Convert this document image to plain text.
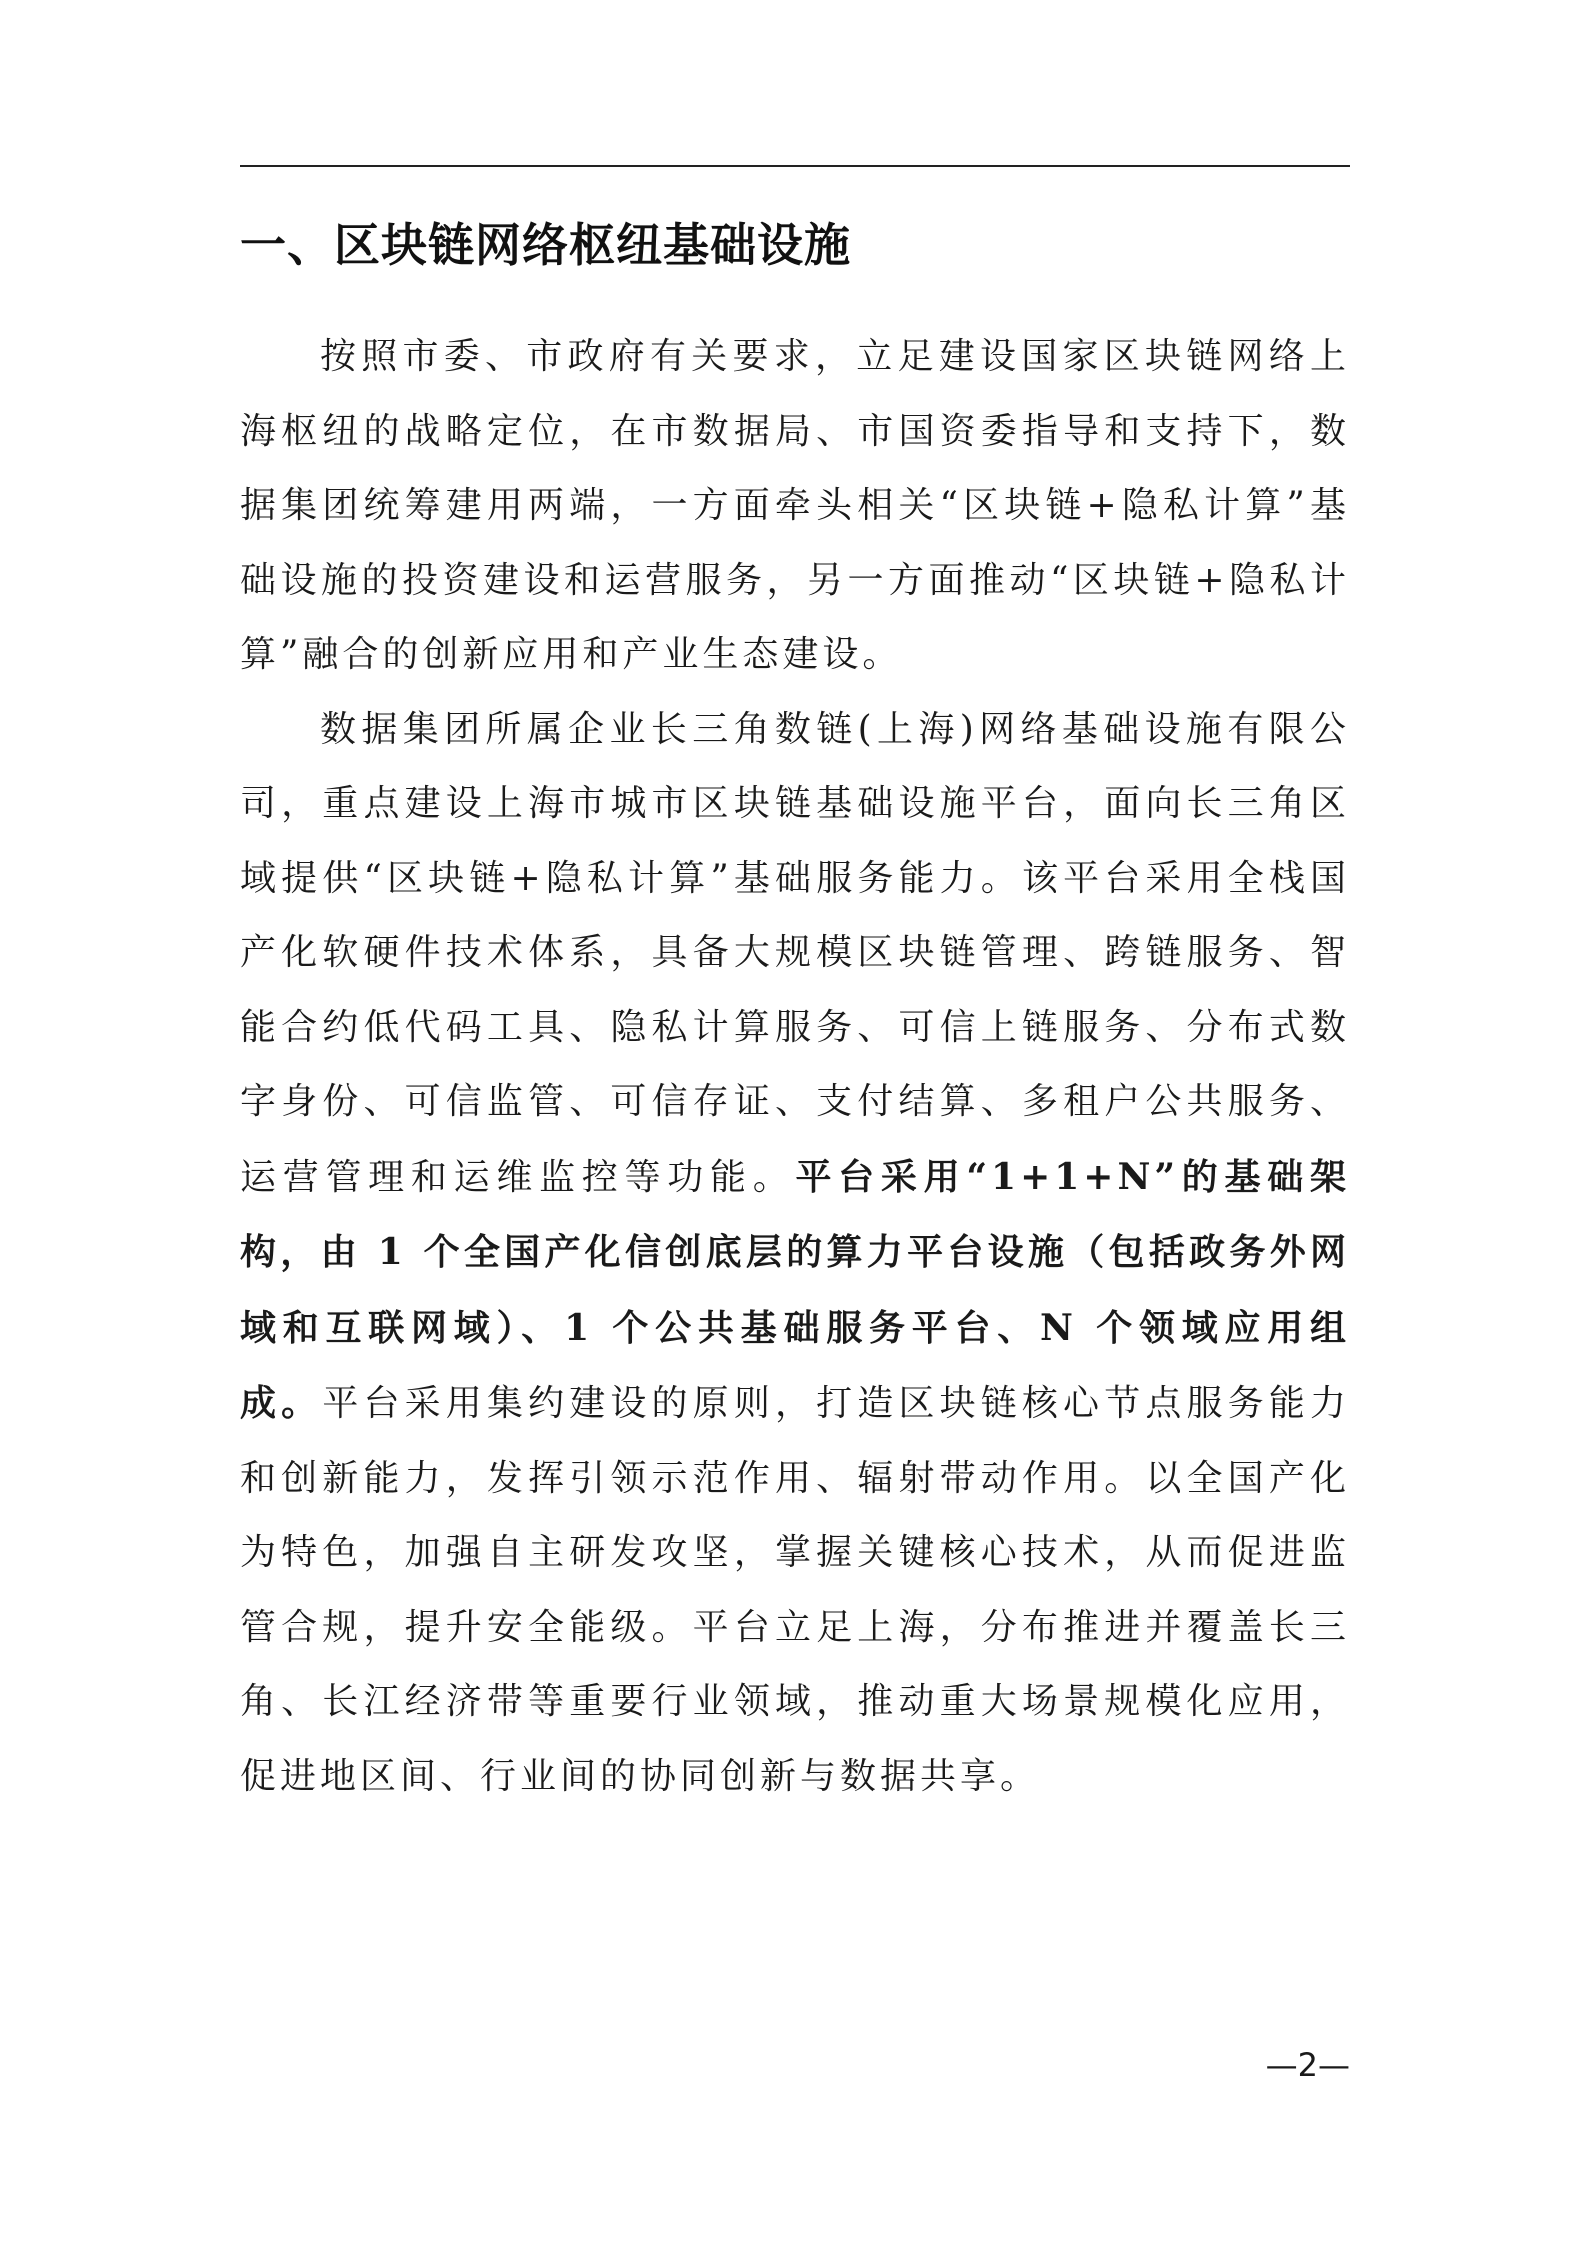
一、区块链网络枢纽基础设施

按照市委、市政府有关要求，立足建设国家区块链网络上海枢纽的战略定位，在市数据局、市国资委指导和支持下，数据集团统筹建用两端，一方面牵头相关“区块链+隐私计算”基础设施的投资建设和运营服务，另一方面推动“区块链+隐私计算”融合的创新应用和产业生态建设。

数据集团所属企业长三角数链(上海)网络基础设施有限公司，重点建设上海市城市区块链基础设施平台，面向长三角区域提供“区块链+隐私计算”基础服务能力。该平台采用全栈国产化软硬件技术体系，具备大规模区块链管理、跨链服务、智能合约低代码工具、隐私计算服务、可信上链服务、分布式数字身份、可信监管、可信存证、支付结算、多租户公共服务、运营管理和运维监控等功能。平台采用“1+1+N”的基础架构，由 1 个全国产化信创底层的算力平台设施（包括政务外网域和互联网域）、1 个公共基础服务平台、N 个领域应用组成。平台采用集约建设的原则，打造区块链核心节点服务能力和创新能力，发挥引领示范作用、辐射带动作用。以全国产化为特色，加强自主研发攻坚，掌握关键核心技术，从而促进监管合规，提升安全能级。平台立足上海，分布推进并覆盖长三角、长江经济带等重要行业领域，推动重大场景规模化应用，促进地区间、行业间的协同创新与数据共享。

—2—
